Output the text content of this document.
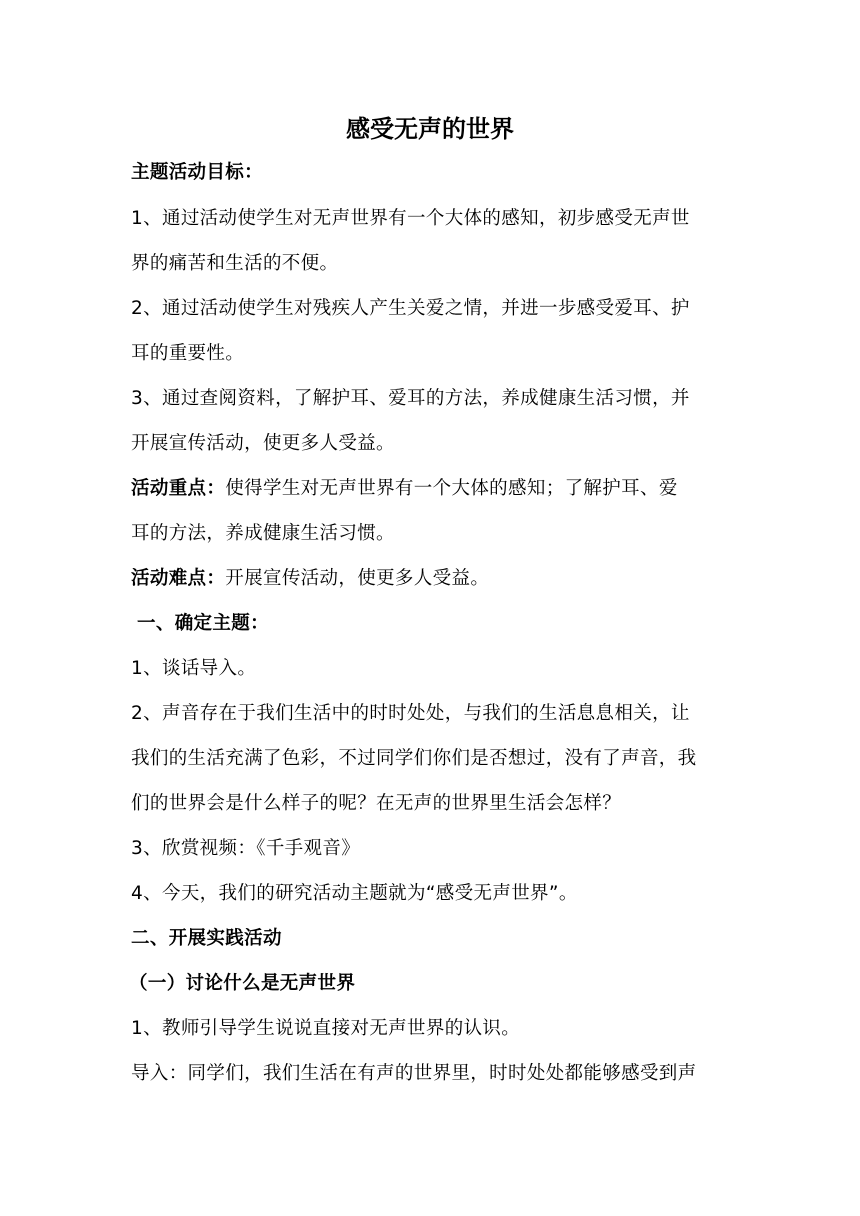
感受无声的世界
主题活动目标：
1、通过活动使学生对无声世界有一个大体的感知，初步感受无声世
界的痛苦和生活的不便。
2、通过活动使学生对残疾人产生关爱之情，并进一步感受爱耳、护
耳的重要性。
3、通过查阅资料，了解护耳、爱耳的方法，养成健康生活习惯，并
开展宣传活动，使更多人受益。
活动重点：使得学生对无声世界有一个大体的感知；了解护耳、爱
耳的方法，养成健康生活习惯。
活动难点：开展宣传活动，使更多人受益。
一、确定主题：
1、谈话导入。
2、声音存在于我们生活中的时时处处，与我们的生活息息相关，让
我们的生活充满了色彩，不过同学们你们是否想过，没有了声音，我
们的世界会是什么样子的呢？在无声的世界里生活会怎样？
3、欣赏视频：《千手观音》
4、今天，我们的研究活动主题就为“感受无声世界”。
二、开展实践活动
（一）讨论什么是无声世界
1、教师引导学生说说直接对无声世界的认识。
导入：同学们，我们生活在有声的世界里，时时处处都能够感受到声
